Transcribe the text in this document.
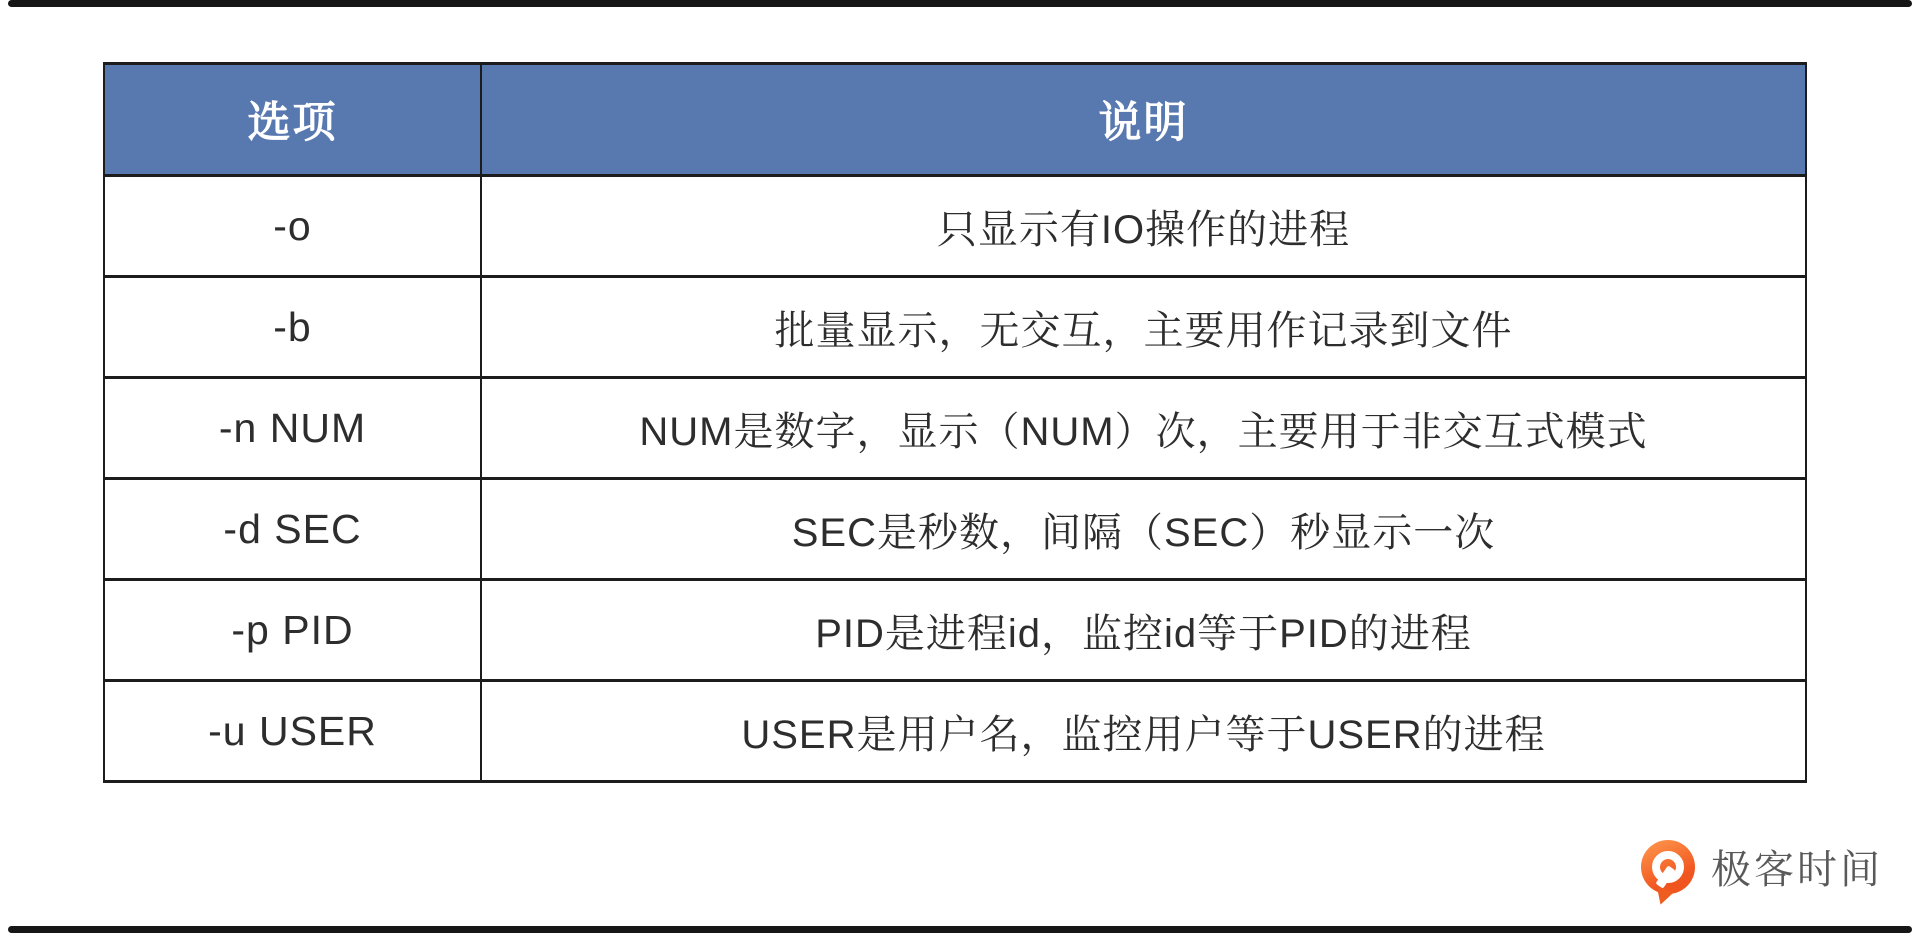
选项	说明
-o	只显示有IO操作的进程
-b	批量显示，无交互，主要用作记录到文件
-n NUM	NUM是数字，显示（NUM）次，主要用于非交互式模式
-d SEC	SEC是秒数，间隔（SEC）秒显示一次
-p PID	PID是进程id，监控id等于PID的进程
-u USER	USER是用户名，监控用户等于USER的进程
极客时间
